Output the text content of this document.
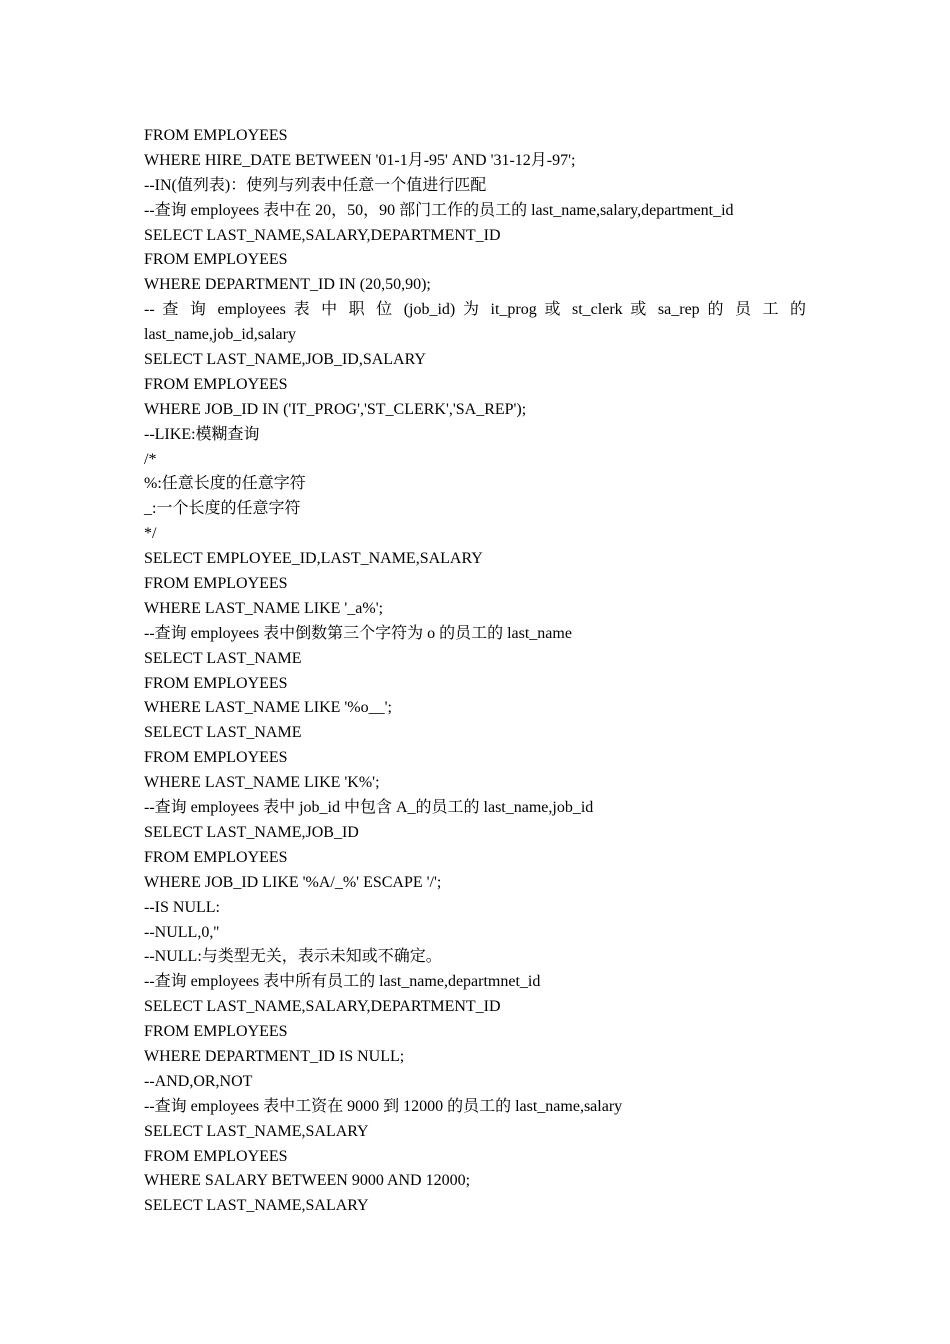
FROM EMPLOYEES
WHERE HIRE_DATE BETWEEN '01-1月-95' AND '31-12月-97';
--IN(值列表)：使列与列表中任意一个值进行匹配
--查询 employees 表中在 20，50，90 部门工作的员工的 last_name,salary,department_id
SELECT LAST_NAME,SALARY,DEPARTMENT_ID
FROM EMPLOYEES
WHERE DEPARTMENT_ID IN (20,50,90);
-- 查 询 employees 表 中 职 位 (job_id) 为 it_prog 或 st_clerk 或 sa_rep 的 员 工 的
last_name,job_id,salary
SELECT LAST_NAME,JOB_ID,SALARY
FROM EMPLOYEES
WHERE JOB_ID IN ('IT_PROG','ST_CLERK','SA_REP');
--LIKE:模糊查询
/*
%:任意长度的任意字符
_:一个长度的任意字符
*/
SELECT EMPLOYEE_ID,LAST_NAME,SALARY
FROM EMPLOYEES
WHERE LAST_NAME LIKE '_a%';
--查询 employees 表中倒数第三个字符为 o 的员工的 last_name
SELECT LAST_NAME
FROM EMPLOYEES
WHERE LAST_NAME LIKE '%o__';
SELECT LAST_NAME
FROM EMPLOYEES
WHERE LAST_NAME LIKE 'K%';
--查询 employees 表中 job_id 中包含 A_的员工的 last_name,job_id
SELECT LAST_NAME,JOB_ID
FROM EMPLOYEES
WHERE JOB_ID LIKE '%A/_%' ESCAPE '/';
--IS NULL:
--NULL,0,''
--NULL:与类型无关，表示未知或不确定。
--查询 employees 表中所有员工的 last_name,departmnet_id
SELECT LAST_NAME,SALARY,DEPARTMENT_ID
FROM EMPLOYEES
WHERE DEPARTMENT_ID IS NULL;
--AND,OR,NOT
--查询 employees 表中工资在 9000 到 12000 的员工的 last_name,salary
SELECT LAST_NAME,SALARY
FROM EMPLOYEES
WHERE SALARY BETWEEN 9000 AND 12000;
SELECT LAST_NAME,SALARY
